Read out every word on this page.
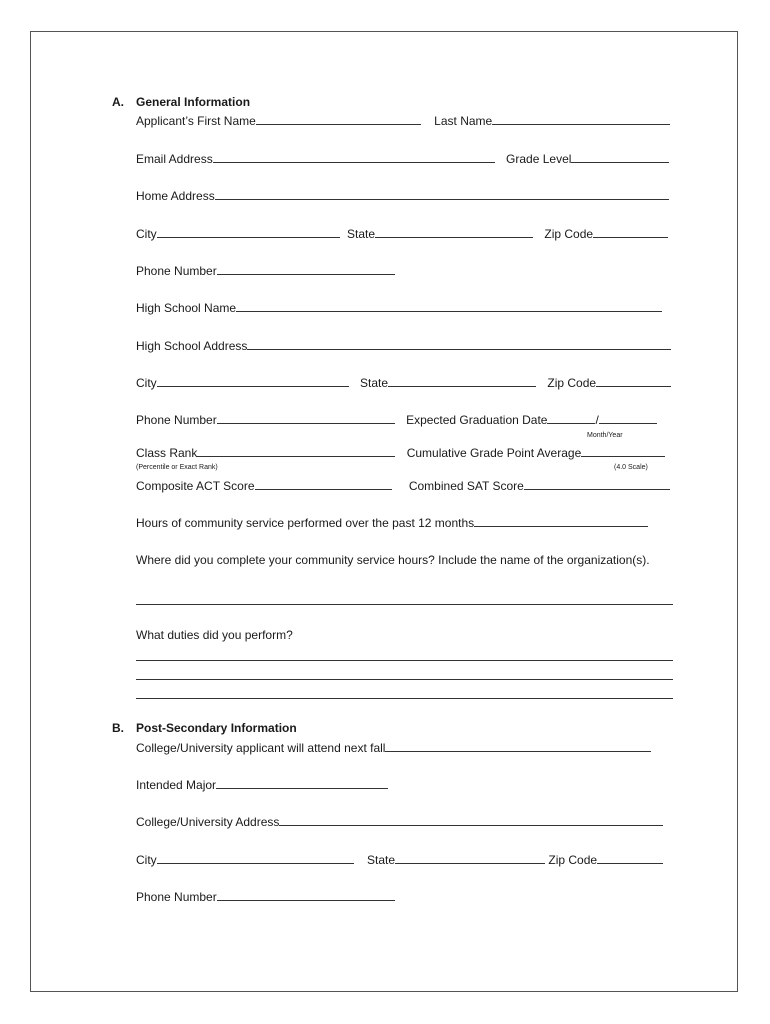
A. General Information
Applicant’s First Name	Last Name
Email Address	Grade Level
Home Address
City	State	Zip Code
Phone Number
High School Name
High School Address
City	State	Zip Code
Phone Number	Expected Graduation Date	/
Month/Year
Class Rank	Cumulative Grade Point Average
(Percentile or Exact Rank)	(4.0 Scale)
Composite ACT Score	Combined SAT Score
Hours of community service performed over the past 12 months
Where did you complete your community service hours? Include the name of the organization(s).
What duties did you perform?
B. Post-Secondary Information
College/University applicant will attend next fall
Intended Major
College/University Address
City	State	Zip Code
Phone Number
